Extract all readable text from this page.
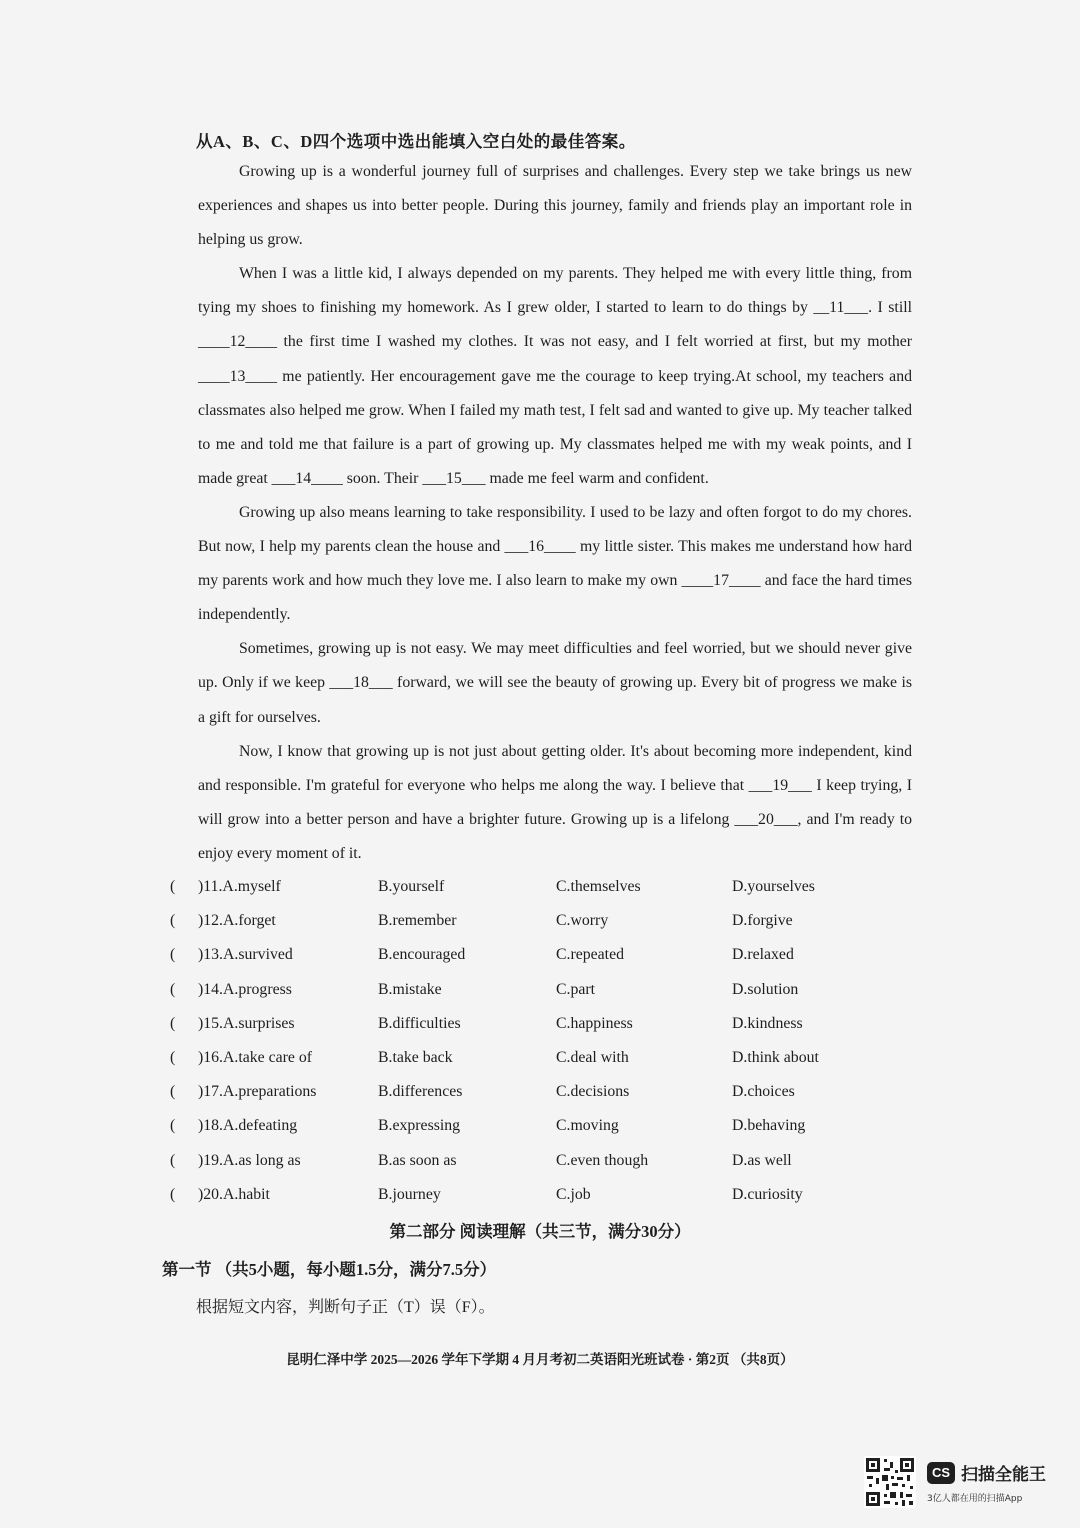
从A、B、C、D四个选项中选出能填入空白处的最佳答案。

Growing up is a wonderful journey full of surprises and challenges. Every step we take brings us new experiences and shapes us into better people. During this journey, family and friends play an important role in helping us grow.

When I was a little kid, I always depended on my parents. They helped me with every little thing, from tying my shoes to finishing my homework. As I grew older, I started to learn to do things by __11___. I still ____12____ the first time I washed my clothes. It was not easy, and I felt worried at first, but my mother ____13____ me patiently. Her encouragement gave me the courage to keep trying.At school, my teachers and classmates also helped me grow. When I failed my math test, I felt sad and wanted to give up. My teacher talked to me and told me that failure is a part of growing up. My classmates helped me with my weak points, and I made great ___14____ soon. Their ___15___ made me feel warm and confident.

Growing up also means learning to take responsibility. I used to be lazy and often forgot to do my chores. But now, I help my parents clean the house and ___16____ my little sister. This makes me understand how hard my parents work and how much they love me. I also learn to make my own ____17____ and face the hard times independently.

Sometimes, growing up is not easy. We may meet difficulties and feel worried, but we should never give up. Only if we keep ___18___ forward, we will see the beauty of growing up. Every bit of progress we make is a gift for ourselves.

Now, I know that growing up is not just about getting older. It's about becoming more independent, kind and responsible. I'm grateful for everyone who helps me along the way. I believe that ___19___ I keep trying, I will grow into a better person and have a brighter future. Growing up is a lifelong ___20___, and I'm ready to enjoy every moment of it.

( )11.A.myself	B.yourself	C.themselves	D.yourselves
( )12.A.forget	B.remember	C.worry	D.forgive
( )13.A.survived	B.encouraged	C.repeated	D.relaxed
( )14.A.progress	B.mistake	C.part	D.solution
( )15.A.surprises	B.difficulties	C.happiness	D.kindness
( )16.A.take care of	B.take back	C.deal with	D.think about
( )17.A.preparations	B.differences	C.decisions	D.choices
( )18.A.defeating	B.expressing	C.moving	D.behaving
( )19.A.as long as	B.as soon as	C.even though	D.as well
( )20.A.habit	B.journey	C.job	D.curiosity
第二部分 阅读理解（共三节，满分30分）
第一节 （共5小题，每小题1.5分，满分7.5分）
根据短文内容，判断句子正（T）误（F）。
昆明仁泽中学 2025—2026 学年下学期 4 月月考初二英语阳光班试卷 · 第2页 （共8页）
CS 扫描全能王
3亿人都在用的扫描App
